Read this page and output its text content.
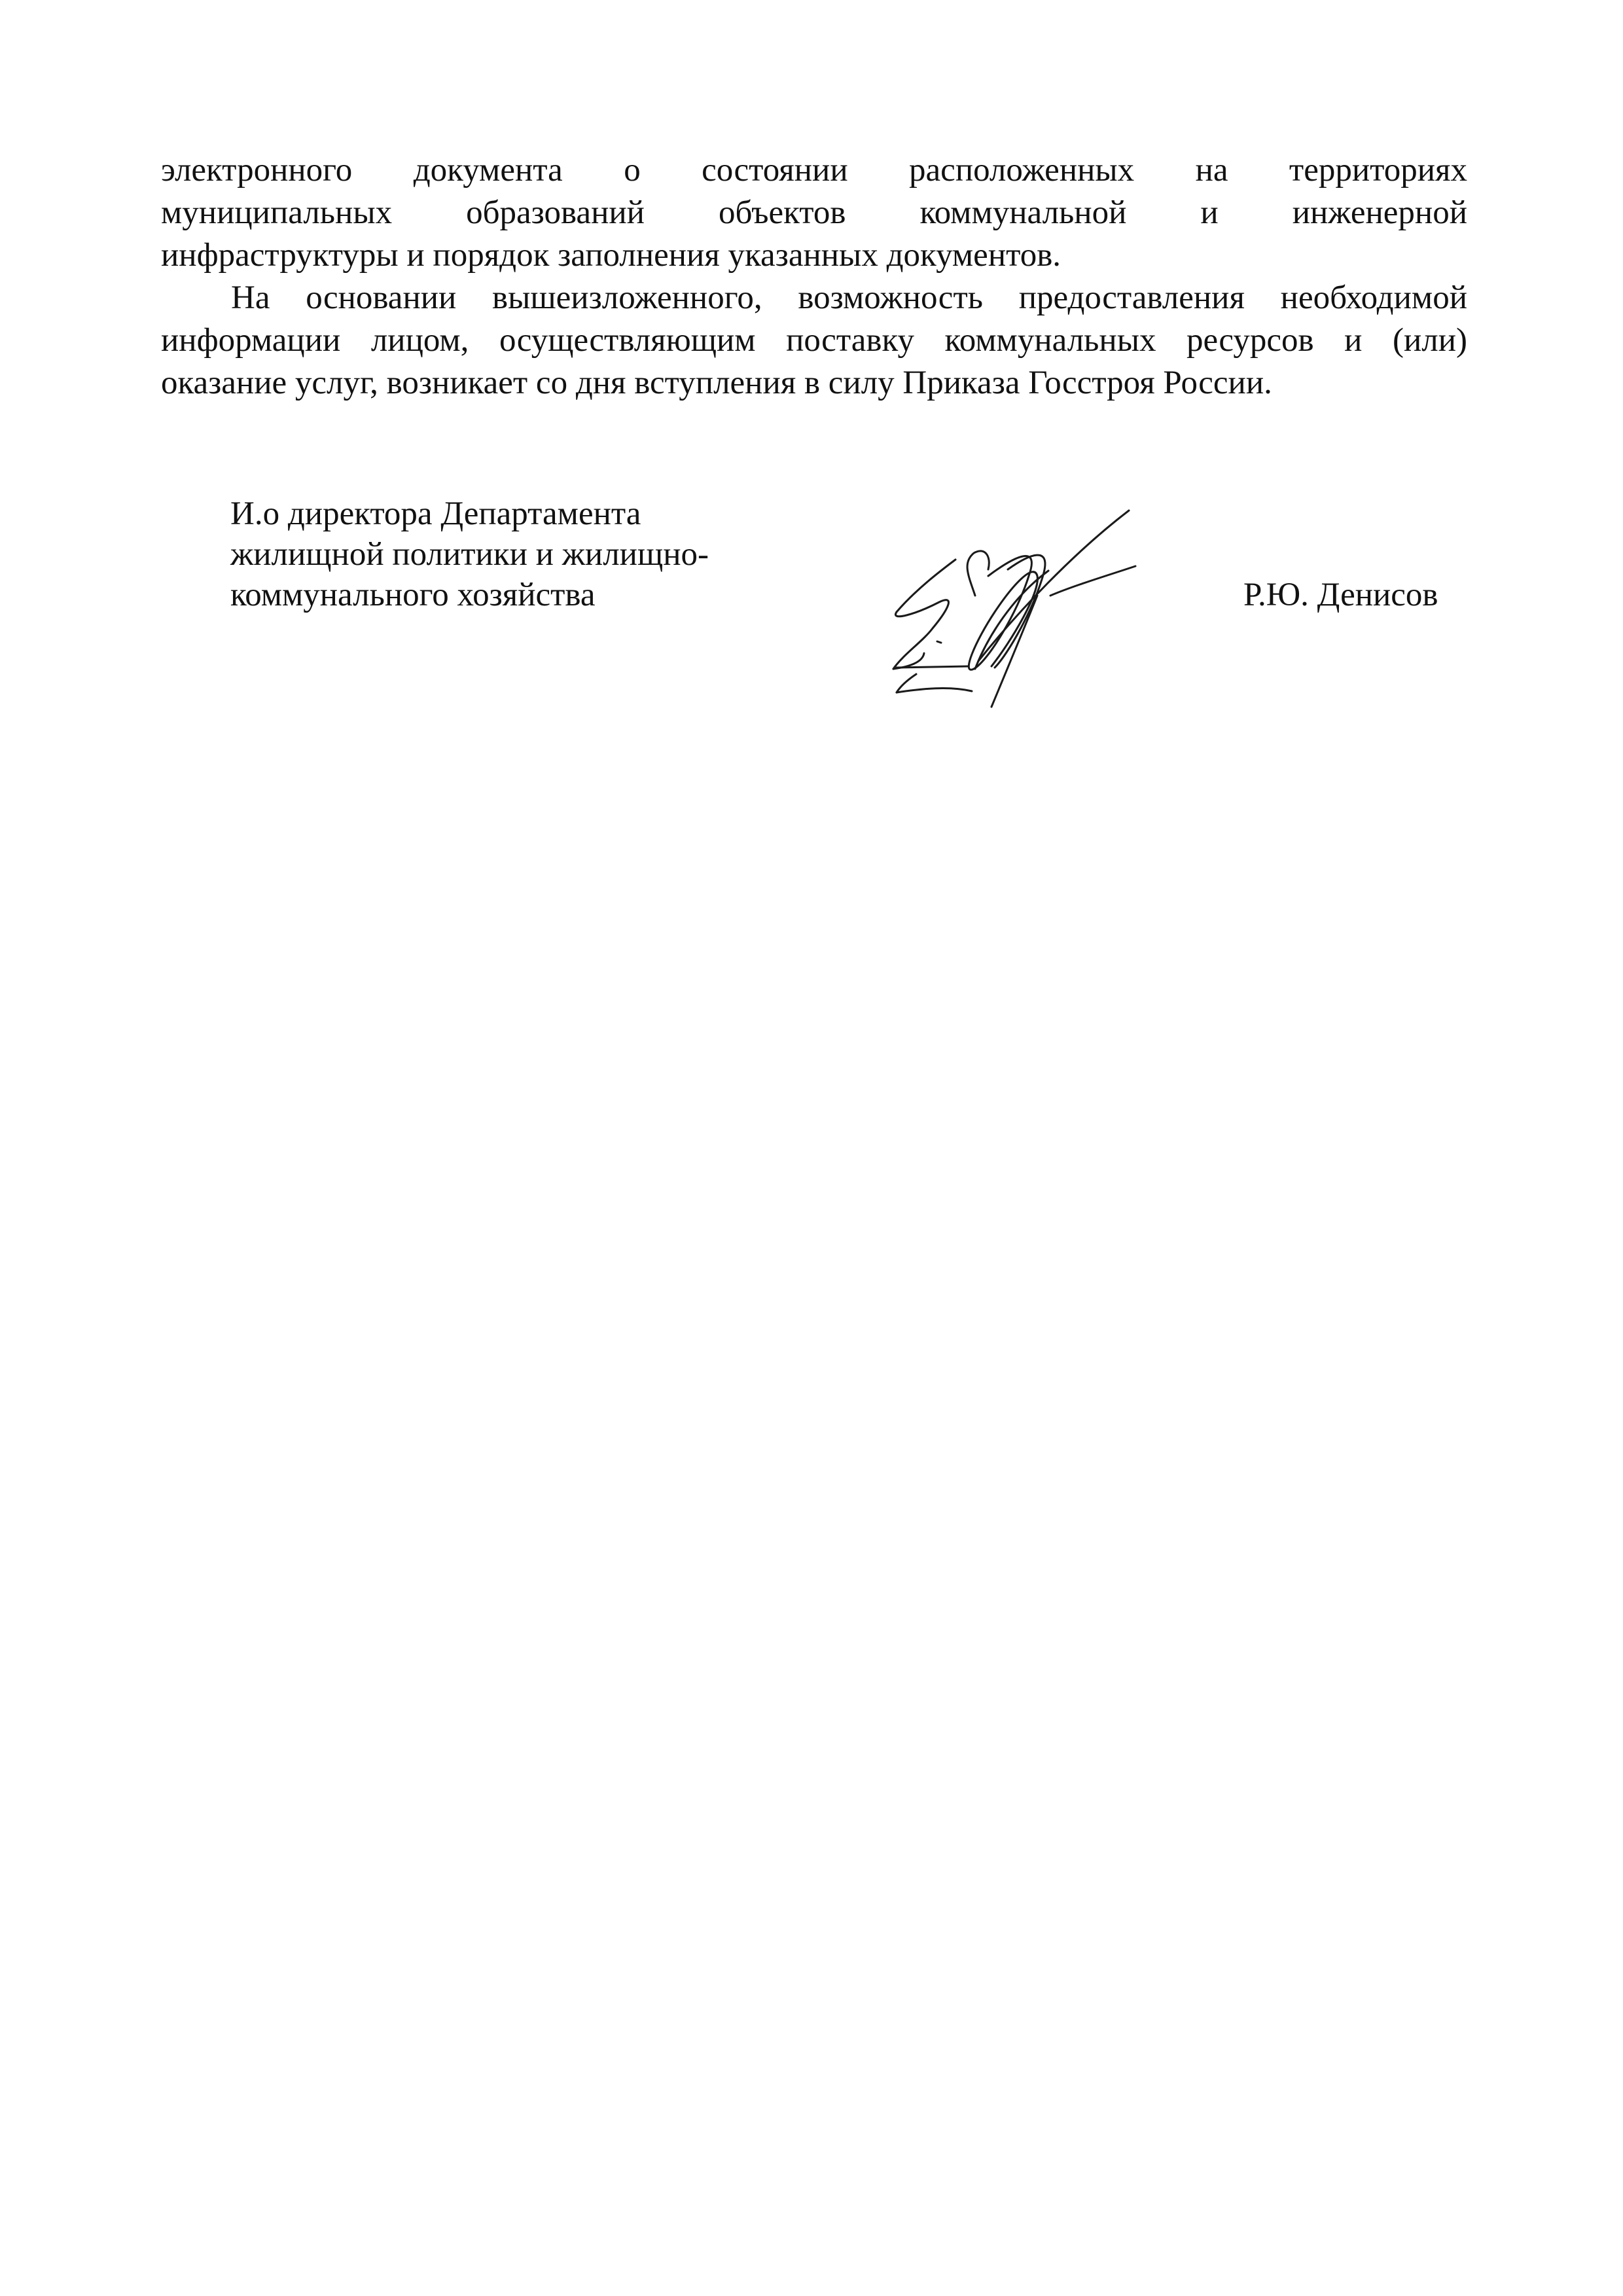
электронного документа о состоянии расположенных на территориях
муниципальных образований объектов коммунальной и инженерной
инфраструктуры и порядок заполнения указанных документов.
На основании вышеизложенного, возможность предоставления необходимой
информации лицом, осуществляющим поставку коммунальных ресурсов и (или)
оказание услуг, возникает со дня вступления в силу Приказа Госстроя России.
И.о директора Департамента
жилищной политики и жилищно-
коммунального хозяйства	Р.Ю. Денисов
